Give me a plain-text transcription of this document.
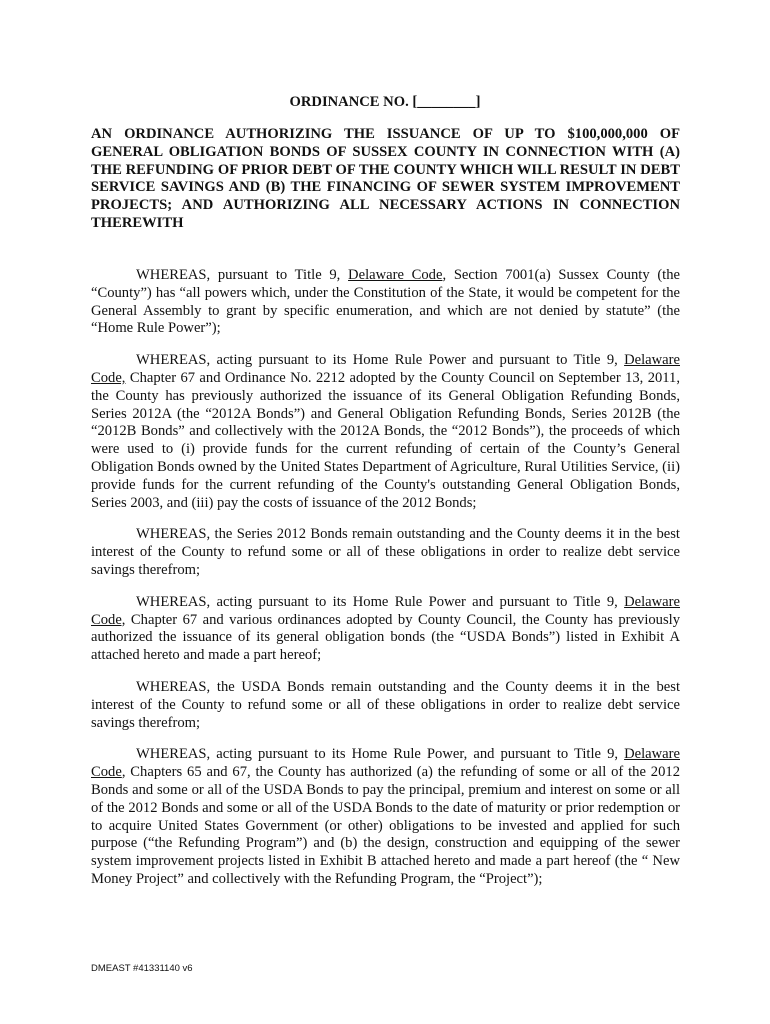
ORDINANCE NO. [________]

AN ORDINANCE AUTHORIZING THE ISSUANCE OF UP TO $100,000,000 OF GENERAL OBLIGATION BONDS OF SUSSEX COUNTY IN CONNECTION WITH (A) THE REFUNDING OF PRIOR DEBT OF THE COUNTY WHICH WILL RESULT IN DEBT SERVICE SAVINGS AND (B) THE FINANCING OF SEWER SYSTEM IMPROVEMENT PROJECTS; AND AUTHORIZING ALL NECESSARY ACTIONS IN CONNECTION THEREWITH

WHEREAS, pursuant to Title 9, Delaware Code, Section 7001(a) Sussex County (the “County”) has “all powers which, under the Constitution of the State, it would be competent for the General Assembly to grant by specific enumeration, and which are not denied by statute” (the “Home Rule Power”);

WHEREAS, acting pursuant to its Home Rule Power and pursuant to Title 9, Delaware Code, Chapter 67 and Ordinance No. 2212 adopted by the County Council on September 13, 2011, the County has previously authorized the issuance of its General Obligation Refunding Bonds, Series 2012A (the “2012A Bonds”) and General Obligation Refunding Bonds, Series 2012B (the “2012B Bonds” and collectively with the 2012A Bonds, the “2012 Bonds”), the proceeds of which were used to (i) provide funds for the current refunding of certain of the County’s General Obligation Bonds owned by the United States Department of Agriculture, Rural Utilities Service, (ii) provide funds for the current refunding of the County's outstanding General Obligation Bonds, Series 2003, and (iii) pay the costs of issuance of the 2012 Bonds;

WHEREAS, the Series 2012 Bonds remain outstanding and the County deems it in the best interest of the County to refund some or all of these obligations in order to realize debt service savings therefrom;

WHEREAS, acting pursuant to its Home Rule Power and pursuant to Title 9, Delaware Code, Chapter 67 and various ordinances adopted by County Council, the County has previously authorized the issuance of its general obligation bonds (the “USDA Bonds”) listed in Exhibit A attached hereto and made a part hereof;

WHEREAS, the USDA Bonds remain outstanding and the County deems it in the best interest of the County to refund some or all of these obligations in order to realize debt service savings therefrom;

WHEREAS, acting pursuant to its Home Rule Power, and pursuant to Title 9, Delaware Code, Chapters 65 and 67, the County has authorized (a) the refunding of some or all of the 2012 Bonds and some or all of the USDA Bonds to pay the principal, premium and interest on some or all of the 2012 Bonds and some or all of the USDA Bonds to the date of maturity or prior redemption or to acquire United States Government (or other) obligations to be invested and applied for such purpose (“the Refunding Program”) and (b) the design, construction and equipping of the sewer system improvement projects listed in Exhibit B attached hereto and made a part hereof (the “ New Money Project” and collectively with the Refunding Program, the “Project”);

DMEAST #41331140 v6
